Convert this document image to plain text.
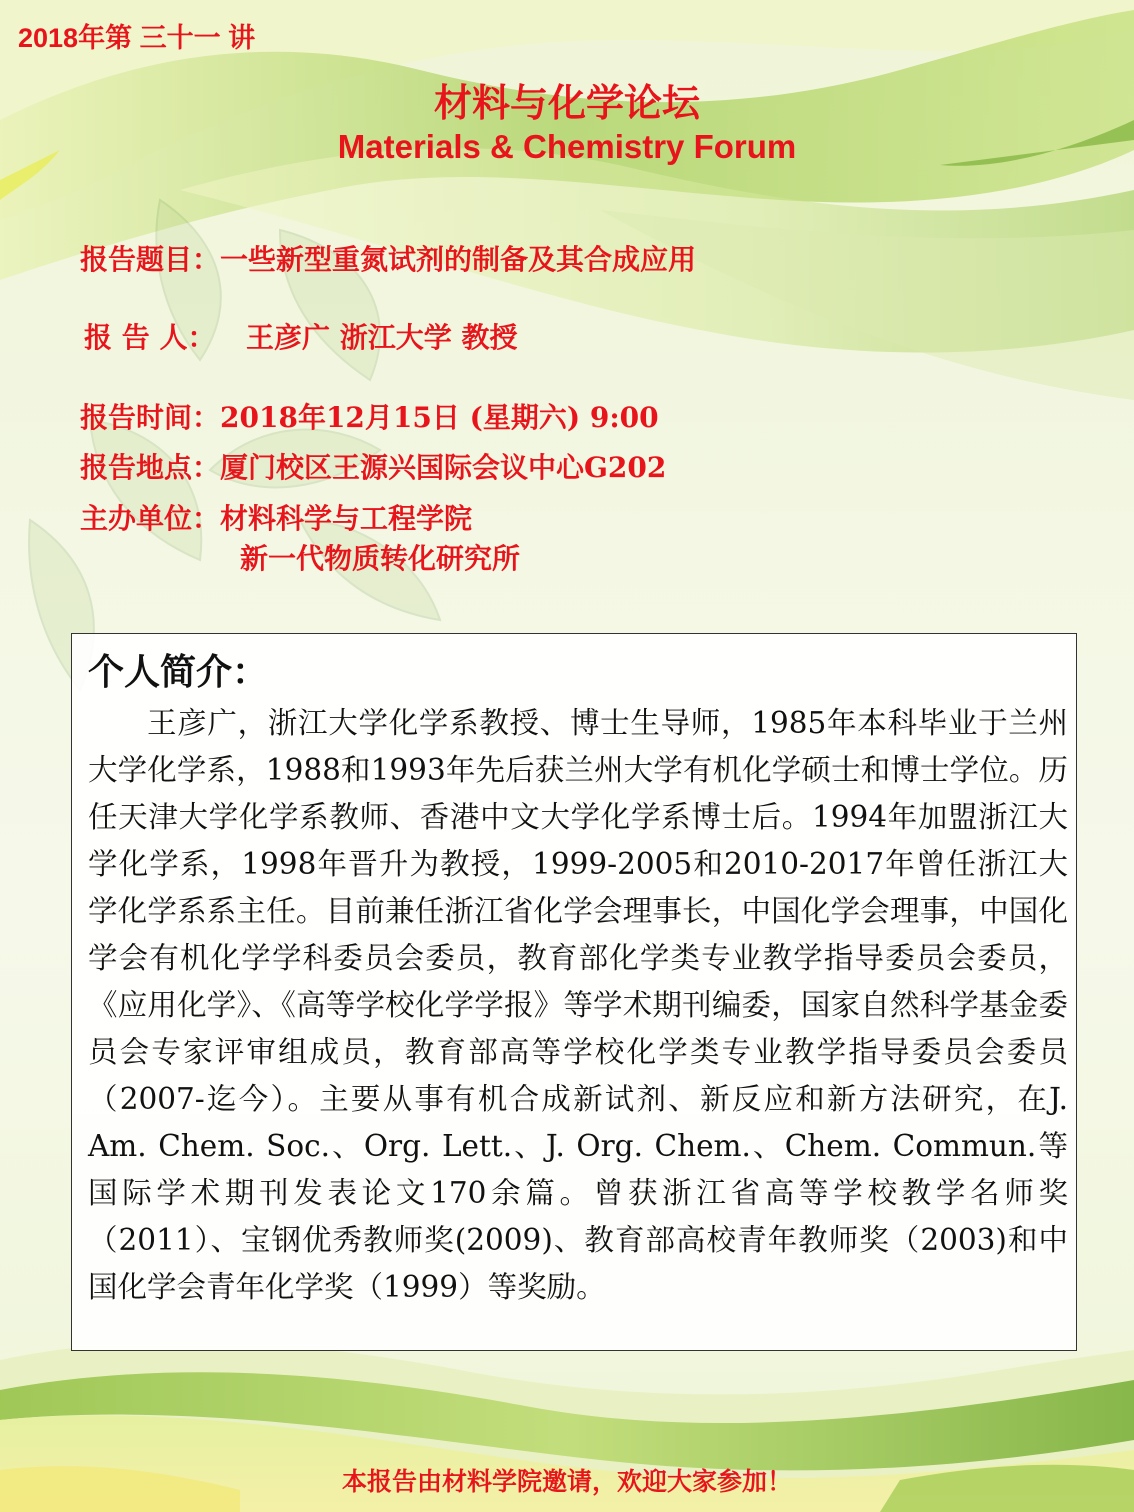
2018年第 三十一 讲
材料与化学论坛
Materials & Chemistry Forum
报告题目：一些新型重氮试剂的制备及其合成应用
报 告 人： 王彦广 浙江大学 教授
报告时间：2018年12月15日 (星期六) 9:00
报告地点：厦门校区王源兴国际会议中心G202
主办单位：材料科学与工程学院
新一代物质转化研究所
个人简介：
王彦广，浙江大学化学系教授、博士生导师，1985年本科毕业于兰州大学化学系，1988和1993年先后获兰州大学有机化学硕士和博士学位。历任天津大学化学系教师、香港中文大学化学系博士后。1994年加盟浙江大学化学系，1998年晋升为教授，1999-2005和2010-2017年曾任浙江大学化学系系主任。目前兼任浙江省化学会理事长，中国化学会理事，中国化学会有机化学学科委员会委员，教育部化学类专业教学指导委员会委员，《应用化学》、《高等学校化学学报》等学术期刊编委，国家自然科学基金委员会专家评审组成员，教育部高等学校化学类专业教学指导委员会委员（2007-迄今）。主要从事有机合成新试剂、新反应和新方法研究，在J. Am. Chem. Soc.、Org. Lett.、J. Org. Chem.、Chem. Commun.等国际学术期刊发表论文170余篇。曾获浙江省高等学校教学名师奖（2011）、宝钢优秀教师奖(2009)、教育部高校青年教师奖（2003)和中国化学会青年化学奖（1999）等奖励。
本报告由材料学院邀请，欢迎大家参加！
